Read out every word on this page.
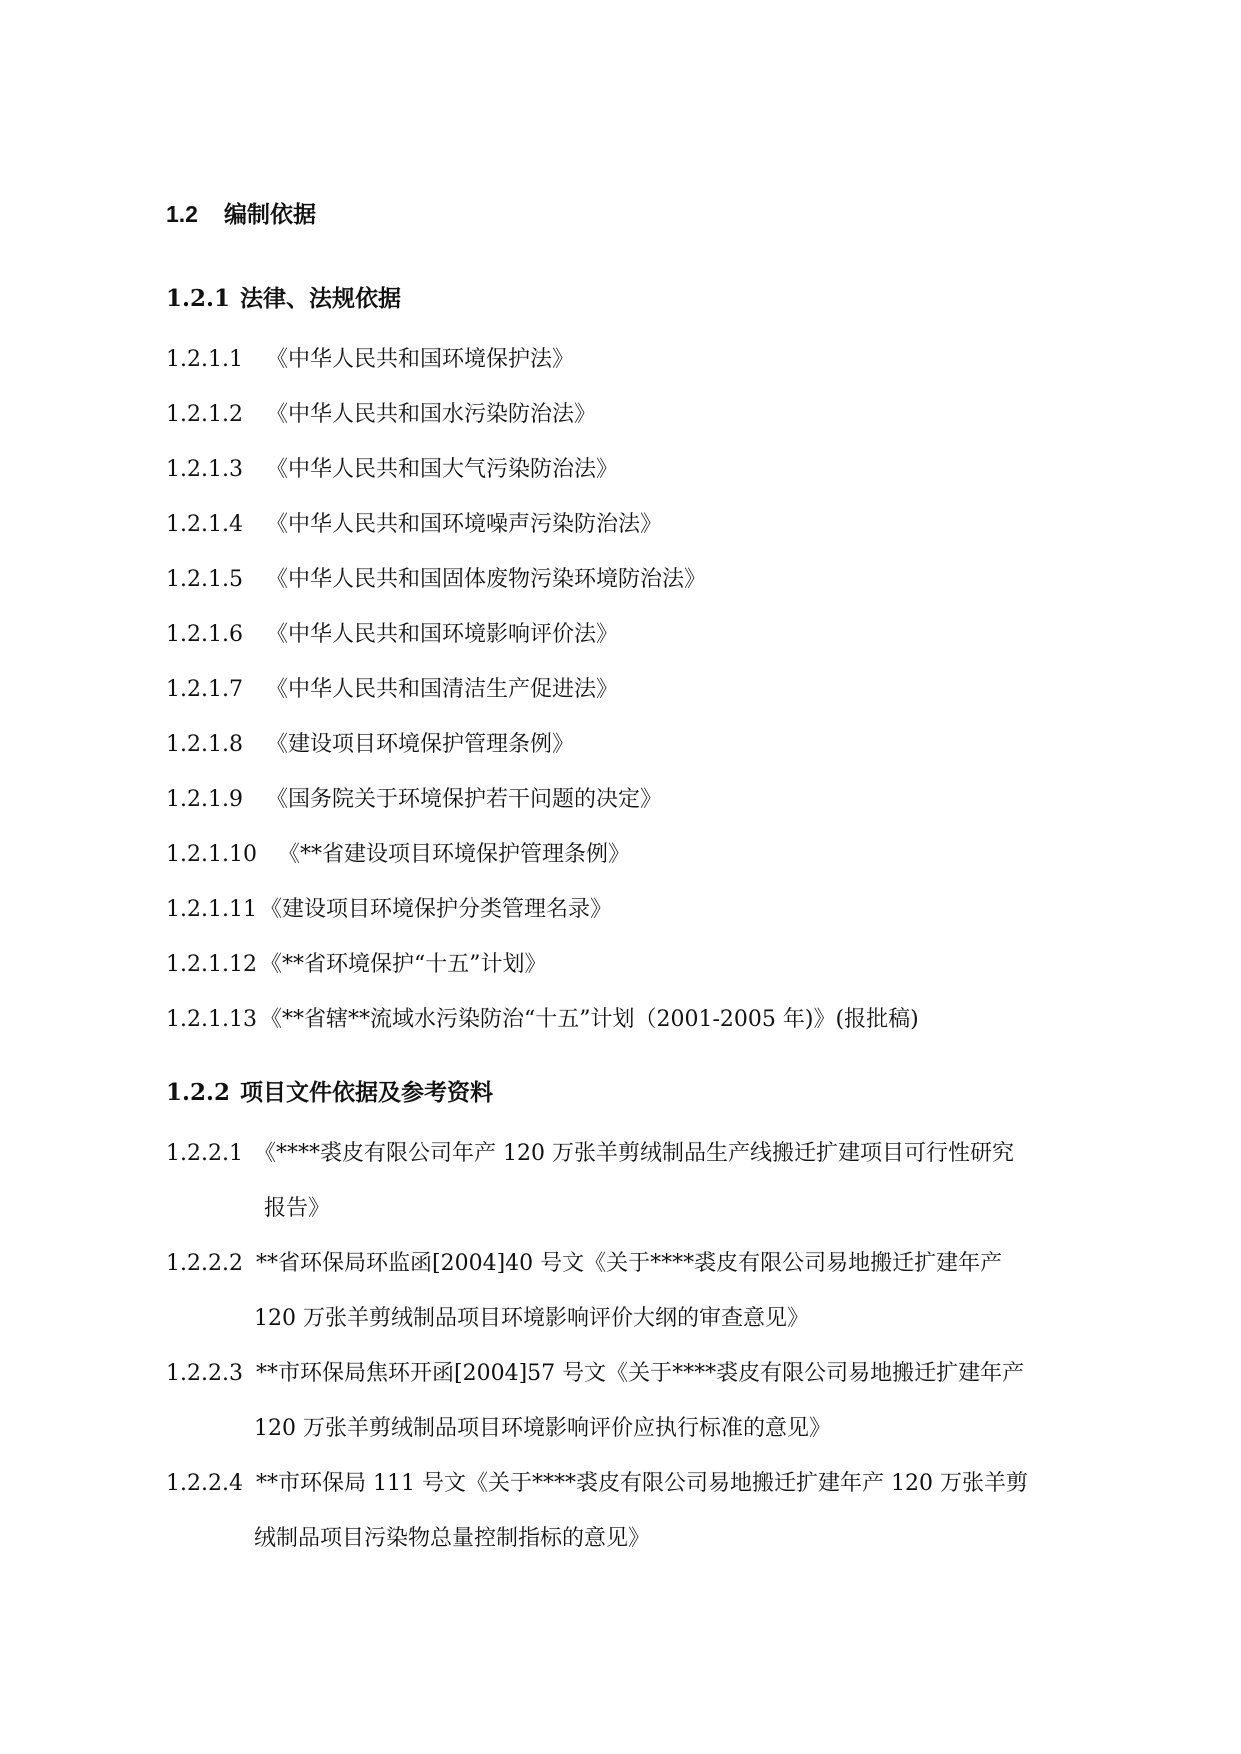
1.2 编制依据
1.2.1 法律、法规依据
1.2.1.1 《中华人民共和国环境保护法》
1.2.1.2 《中华人民共和国水污染防治法》
1.2.1.3 《中华人民共和国大气污染防治法》
1.2.1.4 《中华人民共和国环境噪声污染防治法》
1.2.1.5 《中华人民共和国固体废物污染环境防治法》
1.2.1.6 《中华人民共和国环境影响评价法》
1.2.1.7 《中华人民共和国清洁生产促进法》
1.2.1.8 《建设项目环境保护管理条例》
1.2.1.9 《国务院关于环境保护若干问题的决定》
1.2.1.10 《**省建设项目环境保护管理条例》
1.2.1.11 《建设项目环境保护分类管理名录》
1.2.1.12 《**省环境保护“十五”计划》
1.2.1.13 《**省辖**流域水污染防治“十五”计划（2001-2005 年)》(报批稿)
1.2.2 项目文件依据及参考资料
1.2.2.1 《****裘皮有限公司年产 120 万张羊剪绒制品生产线搬迁扩建项目可行性研究
报告》
1.2.2.2 **省环保局环监函[2004]40 号文《关于****裘皮有限公司易地搬迁扩建年产
120 万张羊剪绒制品项目环境影响评价大纲的审查意见》
1.2.2.3 **市环保局焦环开函[2004]57 号文《关于****裘皮有限公司易地搬迁扩建年产
120 万张羊剪绒制品项目环境影响评价应执行标准的意见》
1.2.2.4 **市环保局 111 号文《关于****裘皮有限公司易地搬迁扩建年产 120 万张羊剪
绒制品项目污染物总量控制指标的意见》
